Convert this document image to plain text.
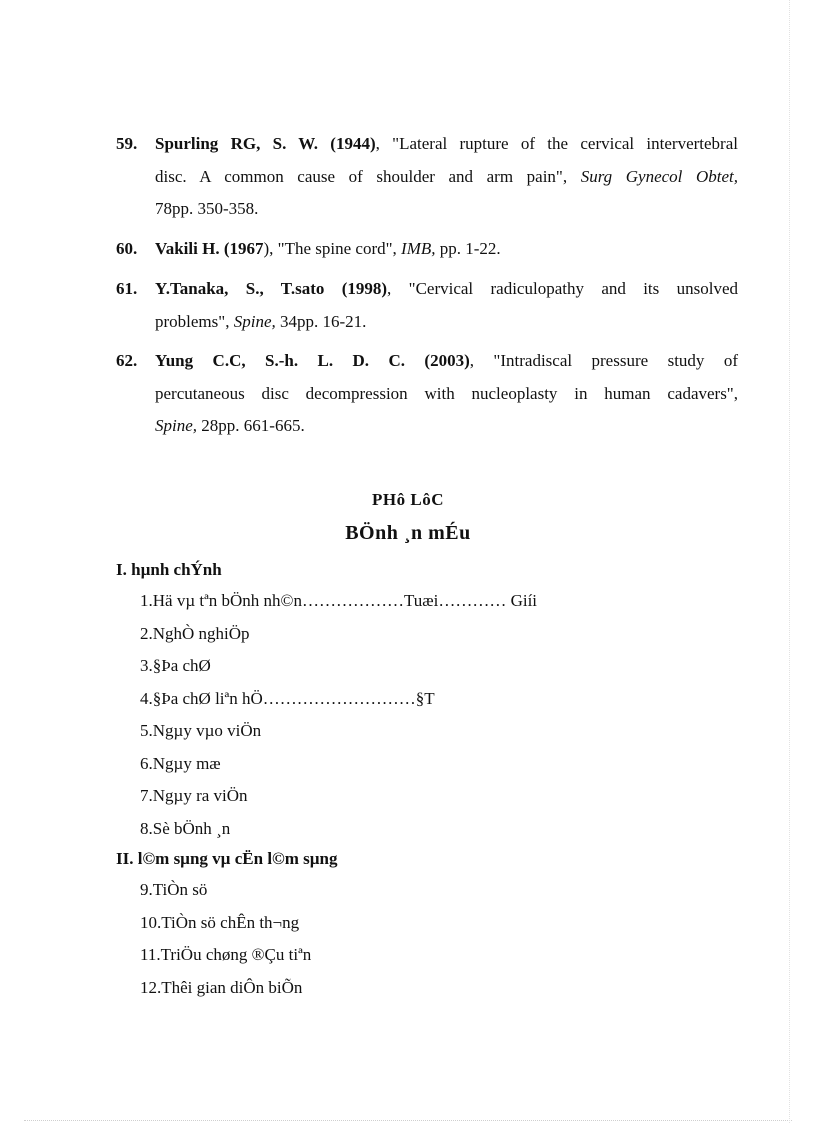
59. Spurling RG, S. W. (1944), "Lateral rupture of the cervical intervertebral
disc. A common cause of shoulder and arm pain", Surg Gynecol Obtet,
78pp. 350-358.
60. Vakili H. (1967), "The spine cord", IMB, pp. 1-22.
61. Y.Tanaka, S., T.sato (1998), "Cervical radiculopathy and its unsolved
problems", Spine, 34pp. 16-21.
62. Yung C.C, S.-h. L. D. C. (2003), "Intradiscal pressure study of
percutaneous disc decompression with nucleoplasty in human cadavers",
Spine, 28pp. 661-665.
PHô LôC
BÖnh ¸n mÉu
I. hµnh chÝnh
1.Hä vµ tªn bÖnh nh©n………………Tuæi………… Giíi
2.NghÒ nghiÖp
3.§Þa chØ
4.§Þa chØ liªn hÖ………………………§T
5.Ngµy vµo viÖn
6.Ngµy mæ
7.Ngµy ra viÖn
8.Sè bÖnh ¸n
II. l©m sµng vµ cËn l©m sµng
9.TiÒn sö
10.TiÒn sö chÊn th¬ng
11.TriÖu chøng ®Çu tiªn
12.Thêi gian diÔn biÕn
